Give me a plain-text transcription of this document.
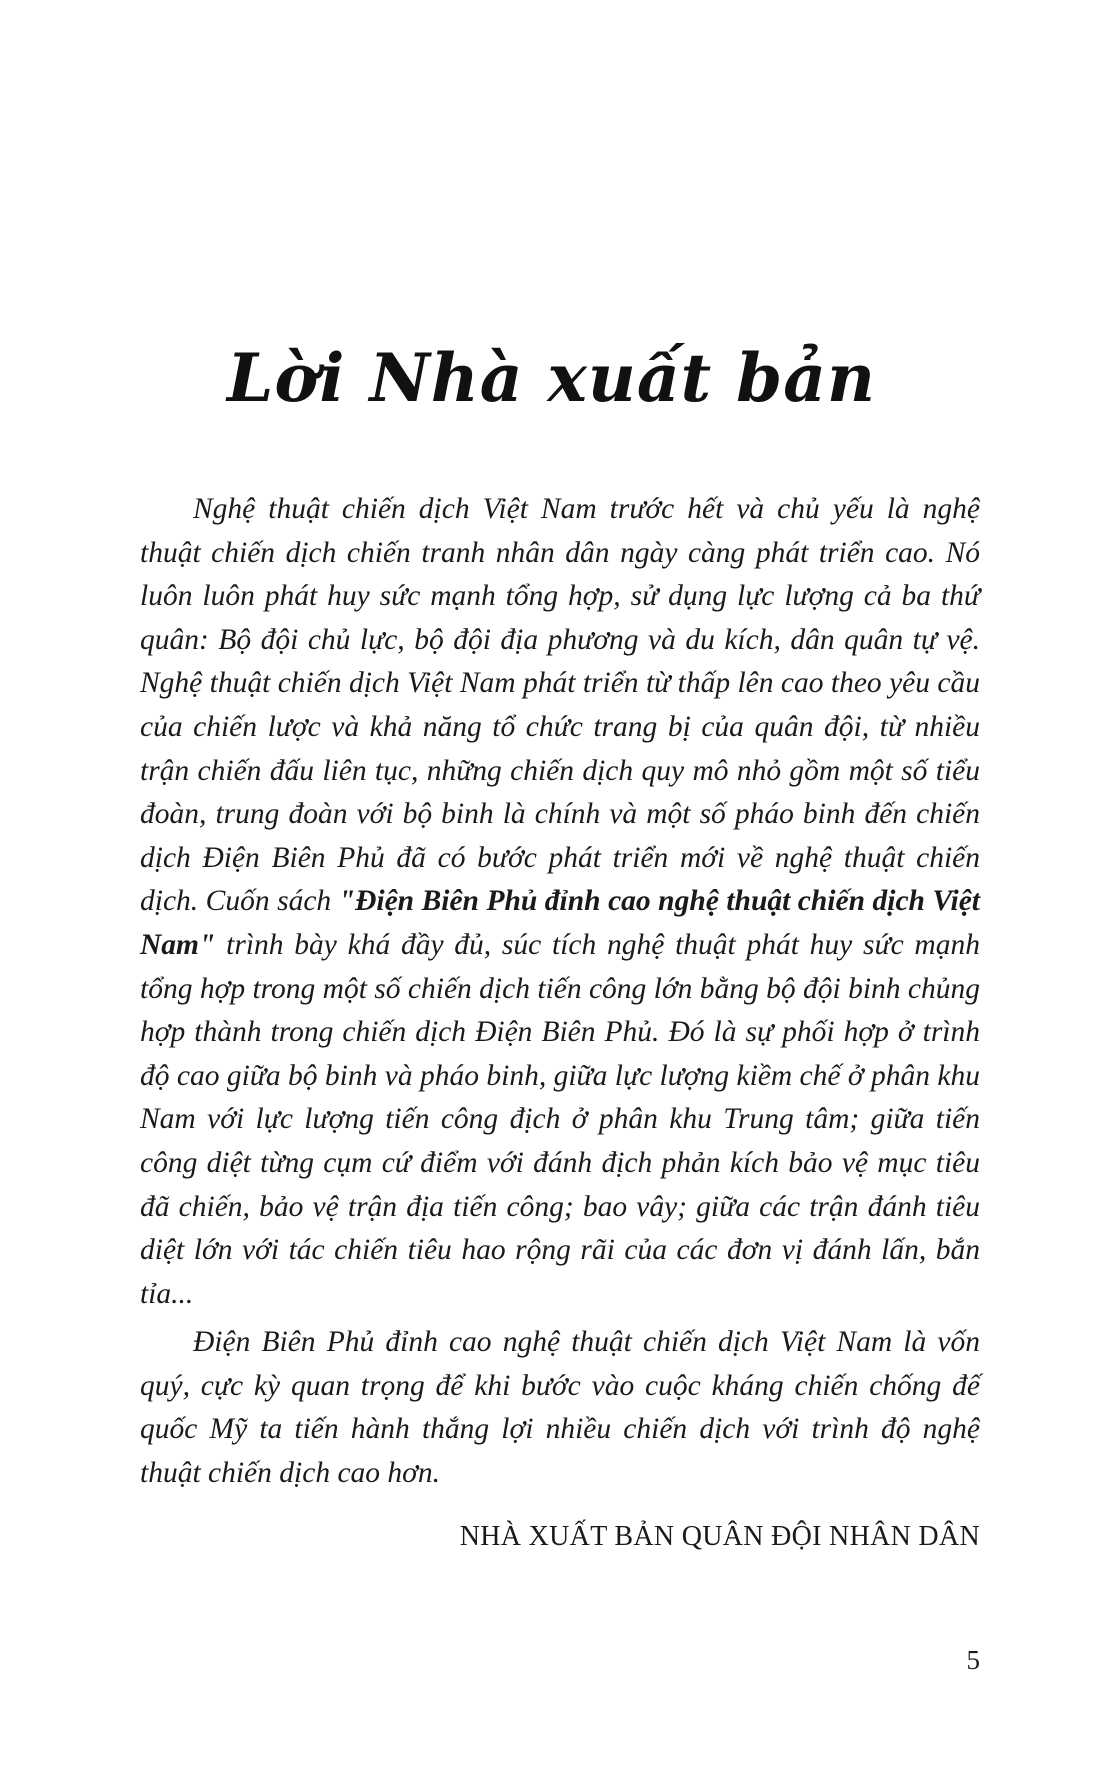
Lời Nhà xuất bản

Nghệ thuật chiến dịch Việt Nam trước hết và chủ yếu là nghệ thuật chiến dịch chiến tranh nhân dân ngày càng phát triển cao. Nó luôn luôn phát huy sức mạnh tổng hợp, sử dụng lực lượng cả ba thứ quân: Bộ đội chủ lực, bộ đội địa phương và du kích, dân quân tự vệ. Nghệ thuật chiến dịch Việt Nam phát triển từ thấp lên cao theo yêu cầu của chiến lược và khả năng tổ chức trang bị của quân đội, từ nhiều trận chiến đấu liên tục, những chiến dịch quy mô nhỏ gồm một số tiểu đoàn, trung đoàn với bộ binh là chính và một số pháo binh đến chiến dịch Điện Biên Phủ đã có bước phát triển mới về nghệ thuật chiến dịch. Cuốn sách "Điện Biên Phủ đỉnh cao nghệ thuật chiến dịch Việt Nam" trình bày khá đầy đủ, súc tích nghệ thuật phát huy sức mạnh tổng hợp trong một số chiến dịch tiến công lớn bằng bộ đội binh chủng hợp thành trong chiến dịch Điện Biên Phủ. Đó là sự phối hợp ở trình độ cao giữa bộ binh và pháo binh, giữa lực lượng kiềm chế ở phân khu Nam với lực lượng tiến công địch ở phân khu Trung tâm; giữa tiến công diệt từng cụm cứ điểm với đánh địch phản kích bảo vệ mục tiêu đã chiến, bảo vệ trận địa tiến công; bao vây; giữa các trận đánh tiêu diệt lớn với tác chiến tiêu hao rộng rãi của các đơn vị đánh lấn, bắn tỉa...

Điện Biên Phủ đỉnh cao nghệ thuật chiến dịch Việt Nam là vốn quý, cực kỳ quan trọng để khi bước vào cuộc kháng chiến chống đế quốc Mỹ ta tiến hành thắng lợi nhiều chiến dịch với trình độ nghệ thuật chiến dịch cao hơn.

NHÀ XUẤT BẢN QUÂN ĐỘI NHÂN DÂN
5
